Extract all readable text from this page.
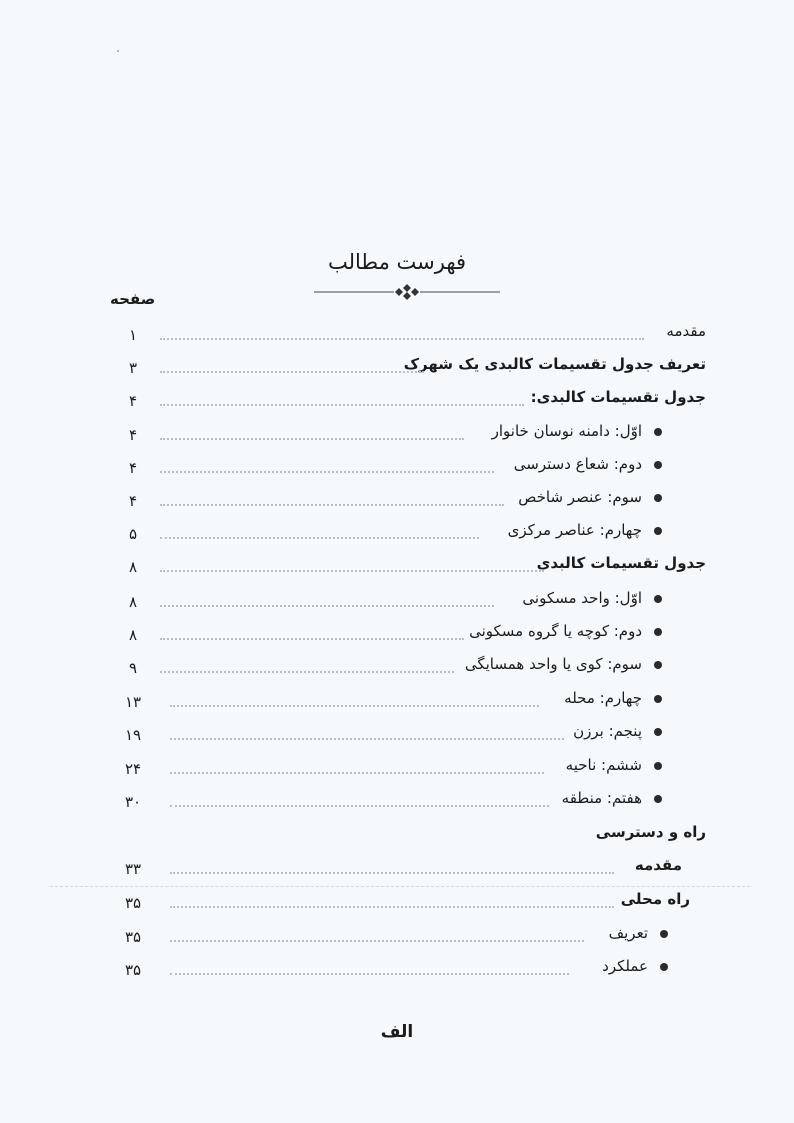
فهرست مطالب
صفحه
مقدمه
۱
تعریف جدول تقسیمات کالبدی یک شهرک
۳
جدول تقسیمات کالبدی:
۴
اوّل: دامنه نوسان خانوار
۴
دوم: شعاع دسترسی
۴
سوم: عنصر شاخص
۴
چهارم: عناصر مرکزی
۵
جدول تقسیمات کالبدی
۸
اوّل: واحد مسکونی
۸
دوم: کوچه یا گروه مسکونی
۸
سوم: کوی یا واحد همسایگی
۹
چهارم: محله
۱۳
پنجم: برزن
۱۹
ششم: ناحیه
۲۴
هفتم: منطقه
۳۰
راه و دسترسی
مقدمه
۳۳
راه محلی
۳۵
تعریف
۳۵
عملکرد
۳۵
الف
